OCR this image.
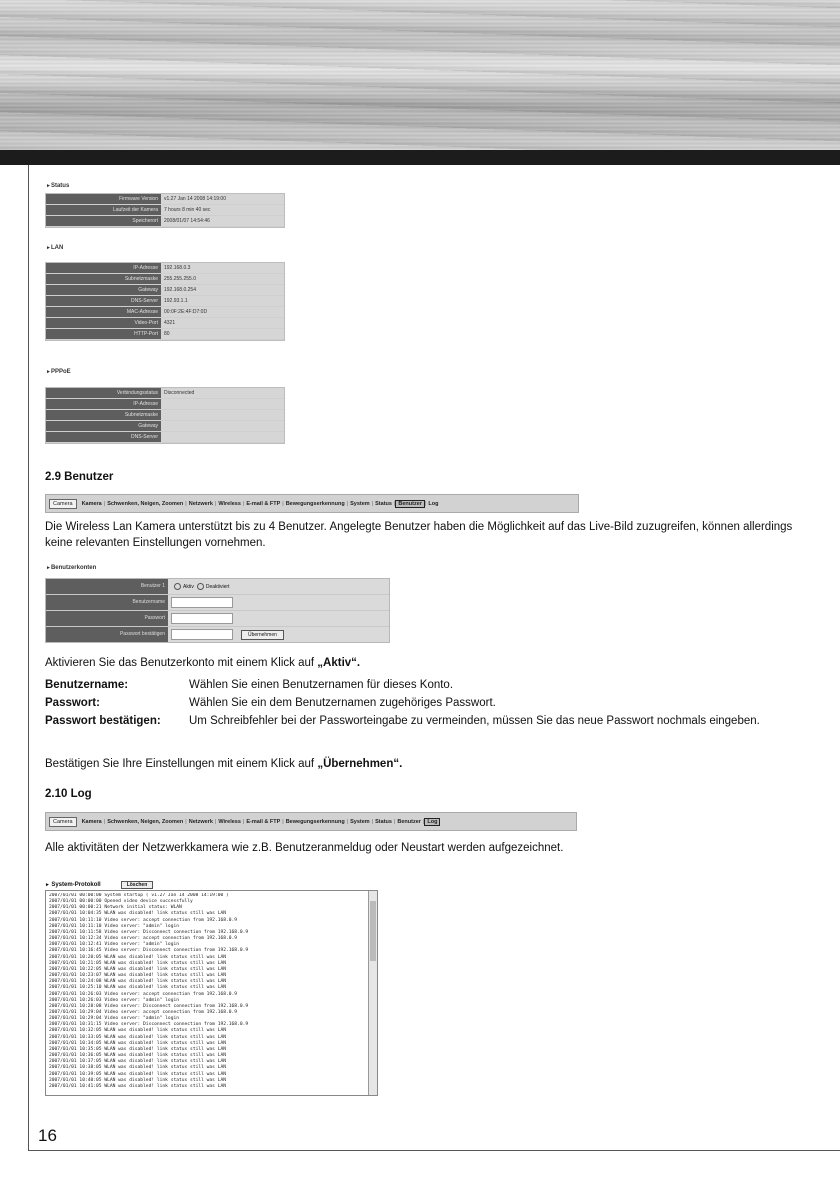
► Status
Firmware Version	v1.27 Jan 14 2008 14:19:00
Laufzeit der Kamera	7 hours 8 min 40 sec
Speicherort	2008/01/07 14:54:46
► LAN
IP-Adresse	192.168.0.3
Subnetzmaske	255.255.255.0
Gateway	192.168.0.254
DNS-Server	192.93.1.1
MAC-Adresse	00:0F:2E:4F:D7:0D
Video-Port	4321
HTTP-Port	80
► PPPoE
Verbindungsstatus	Disconnected
IP-Adresse
Subnetzmaske
Gateway
DNS-Server
2.9 Benutzer
Camera	Kamera | Schwenken, Neigen, Zoomen | Netzwerk | Wireless | E-mail & FTP | Bewegungserkennung | System | Status	Benutzer | Log
Die Wireless Lan Kamera unterstützt bis zu 4 Benutzer. Angelegte Benutzer haben die Möglichkeit auf das Live-Bild zuzugreifen, können allerdings keine relevanten Einstellungen vornehmen.
► Benutzerkonten
Benutzer 1	Aktiv Deaktiviert
Benutzername
Passwort
Passwort bestätigen	Übernehmen
Aktivieren Sie das Benutzerkonto mit einem Klick auf „Aktiv“.
Benutzername:	Wählen Sie einen Benutzernamen für dieses Konto.
Passwort:	Wählen Sie ein dem Benutzernamen zugehöriges Passwort.
Passwort bestätigen:	Um Schreibfehler bei der Passworteingabe zu vermeinden, müssen Sie das neue Passwort nochmals eingeben.
Bestätigen Sie Ihre Einstellungen mit einem Klick auf „Übernehmen“.
2.10 Log
Camera	Kamera | Schwenken, Neigen, Zoomen | Netzwerk | Wireless | E-mail & FTP | Bewegungserkennung | System | Status | Benutzer	Log
Alle aktivitäten der Netzwerkkamera wie z.B. Benutzeranmeldug oder Neustart werden aufgezeichnet.
► System-Protokoll	Löschen
2007/01/01 00:00:00 System startup ( v1.27 Jan 14 2008 14:19:00 )
2007/01/01 00:00:00 Opened video device successfully
2007/01/01 00:00:21 Network initial status: WLAN
2007/01/01 10:04:35 WLAN was disabled! link status still was LAN
2007/01/01 10:11:10 Video server: accept connection from 192.168.0.9
2007/01/01 10:11:10 Video server: "admin" login
2007/01/01 10:11:58 Video server: Disconnect connection from 192.168.0.9
2007/01/01 10:12:34 Video server: accept connection from 192.168.0.9
2007/01/01 10:12:41 Video server: "admin" login
2007/01/01 10:16:45 Video server: Disconnect connection from 192.168.0.9
2007/01/01 10:20:05 WLAN was disabled! link status still was LAN
2007/01/01 10:21:05 WLAN was disabled! link status still was LAN
2007/01/01 10:22:05 WLAN was disabled! link status still was LAN
2007/01/01 10:23:07 WLAN was disabled! link status still was LAN
2007/01/01 10:24:08 WLAN was disabled! link status still was LAN
2007/01/01 10:25:10 WLAN was disabled! link status still was LAN
2007/01/01 10:26:03 Video server: accept connection from 192.168.0.9
2007/01/01 10:26:03 Video server: "admin" login
2007/01/01 10:28:08 Video server: Disconnect connection from 192.168.0.9
2007/01/01 10:29:04 Video server: accept connection from 192.168.0.9
2007/01/01 10:29:04 Video server: "admin" login
2007/01/01 10:31:15 Video server: Disconnect connection from 192.168.0.9
2007/01/01 10:32:05 WLAN was disabled! link status still was LAN
2007/01/01 10:33:05 WLAN was disabled! link status still was LAN
2007/01/01 10:34:05 WLAN was disabled! link status still was LAN
2007/01/01 10:35:05 WLAN was disabled! link status still was LAN
2007/01/01 10:36:05 WLAN was disabled! link status still was LAN
2007/01/01 10:37:05 WLAN was disabled! link status still was LAN
2007/01/01 10:38:05 WLAN was disabled! link status still was LAN
2007/01/01 10:39:05 WLAN was disabled! link status still was LAN
2007/01/01 10:40:05 WLAN was disabled! link status still was LAN
2007/01/01 10:41:05 WLAN was disabled! link status still was LAN
16
